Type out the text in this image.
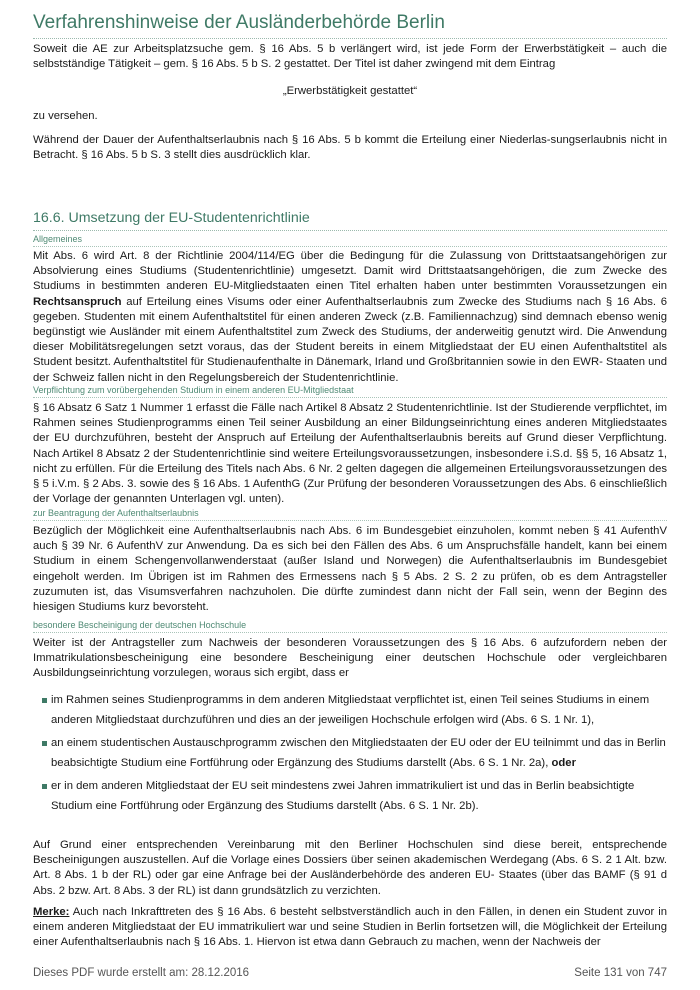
Verfahrenshinweise der Ausländerbehörde Berlin
Soweit die AE zur Arbeitsplatzsuche gem. § 16 Abs. 5 b verlängert wird, ist jede Form der Erwerbstätigkeit – auch die selbstständige Tätigkeit – gem. § 16 Abs. 5 b S. 2 gestattet. Der Titel ist daher zwingend mit dem Eintrag
„Erwerbstätigkeit gestattet“
zu versehen.
Während der Dauer der Aufenthaltserlaubnis nach § 16 Abs. 5 b kommt die Erteilung einer Niederlas-sungserlaubnis nicht in Betracht. § 16 Abs. 5 b S. 3 stellt dies ausdrücklich klar.
16.6. Umsetzung der EU-Studentenrichtlinie
Allgemeines
Mit Abs. 6 wird Art. 8 der Richtlinie 2004/114/EG über die Bedingung für die Zulassung von Drittstaatsangehörigen zur Absolvierung eines Studiums (Studentenrichtlinie) umgesetzt. Damit wird Drittstaatsangehörigen, die zum Zwecke des Studiums in bestimmten anderen EU-Mitgliedstaaten einen Titel erhalten haben unter bestimmten Voraussetzungen ein Rechtsanspruch auf Erteilung eines Visums oder einer Aufenthaltserlaubnis zum Zwecke des Studiums nach § 16 Abs. 6 gegeben. Studenten mit einem Aufenthaltstitel für einen anderen Zweck (z.B. Familiennachzug) sind demnach ebenso wenig begünstigt wie Ausländer mit einem Aufenthaltstitel zum Zweck des Studiums, der anderweitig genutzt wird. Die Anwendung dieser Mobilitätsregelungen setzt voraus, das der Student bereits in einem Mitgliedstaat der EU einen Aufenthaltstitel als Student besitzt. Aufenthaltstitel für Studienaufenthalte in Dänemark, Irland und Großbritannien sowie in den EWR- Staaten und der Schweiz fallen nicht in den Regelungsbereich der Studentenrichtlinie.
Verpflichtung zum vorübergehenden Studium in einem anderen EU-Mitgliedstaat
§ 16 Absatz 6 Satz 1 Nummer 1 erfasst die Fälle nach Artikel 8 Absatz 2 Studentenrichtlinie. Ist der Studierende verpflichtet, im Rahmen seines Studienprogramms einen Teil seiner Ausbildung an einer Bildungseinrichtung eines anderen Mitgliedstaates der EU durchzuführen, besteht der Anspruch auf Erteilung der Aufenthaltserlaubnis bereits auf Grund dieser Verpflichtung. Nach Artikel 8 Absatz 2 der Studentenrichtlinie sind weitere Erteilungsvoraussetzungen, insbesondere i.S.d. §§ 5, 16 Absatz 1, nicht zu erfüllen. Für die Erteilung des Titels nach Abs. 6 Nr. 2 gelten dagegen die allgemeinen Erteilungsvoraussetzungen des § 5 i.V.m. § 2 Abs. 3. sowie des § 16 Abs. 1 AufenthG (Zur Prüfung der besonderen Voraussetzungen des Abs. 6 einschließlich der Vorlage der genannten Unterlagen vgl. unten).
zur Beantragung der Aufenthaltserlaubnis
Bezüglich der Möglichkeit eine Aufenthaltserlaubnis nach Abs. 6 im Bundesgebiet einzuholen, kommt neben § 41 AufenthV auch § 39 Nr. 6 AufenthV zur Anwendung. Da es sich bei den Fällen des Abs. 6 um Anspruchsfälle handelt, kann bei einem Studium in einem Schengenvollanwenderstaat (außer Island und Norwegen) die Aufenthaltserlaubnis im Bundesgebiet eingeholt werden. Im Übrigen ist im Rahmen des Ermessens nach § 5 Abs. 2 S. 2 zu prüfen, ob es dem Antragsteller zuzumuten ist, das Visumsverfahren nachzuholen. Die dürfte zumindest dann nicht der Fall sein, wenn der Beginn des hiesigen Studiums kurz bevorsteht.
besondere Bescheinigung der deutschen Hochschule
Weiter ist der Antragsteller zum Nachweis der besonderen Voraussetzungen des § 16 Abs. 6 aufzufordern neben der Immatrikulationsbescheinigung eine besondere Bescheinigung einer deutschen Hochschule oder vergleichbaren Ausbildungseinrichtung vorzulegen, woraus sich ergibt, dass er
im Rahmen seines Studienprogramms in dem anderen Mitgliedstaat verpflichtet ist, einen Teil seines Studiums in einem anderen Mitgliedstaat durchzuführen und dies an der jeweiligen Hochschule erfolgen wird (Abs. 6 S. 1 Nr. 1),
an einem studentischen Austauschprogramm zwischen den Mitgliedstaaten der EU oder der EU teilnimmt und das in Berlin beabsichtigte Studium eine Fortführung oder Ergänzung des Studiums darstellt (Abs. 6 S. 1 Nr. 2a), oder
er in dem anderen Mitgliedstaat der EU seit mindestens zwei Jahren immatrikuliert ist und das in Berlin beabsichtigte Studium eine Fortführung oder Ergänzung des Studiums darstellt (Abs. 6 S. 1 Nr. 2b).
Auf Grund einer entsprechenden Vereinbarung mit den Berliner Hochschulen sind diese bereit, entsprechende Bescheinigungen auszustellen. Auf die Vorlage eines Dossiers über seinen akademischen Werdegang (Abs. 6 S. 2 1 Alt. bzw. Art. 8 Abs. 1 b der RL) oder gar eine Anfrage bei der Ausländerbehörde des anderen EU- Staates (über das BAMF (§ 91 d Abs. 2 bzw. Art. 8 Abs. 3 der RL) ist dann grundsätzlich zu verzichten.
Merke: Auch nach Inkrafttreten des § 16 Abs. 6 besteht selbstverständlich auch in den Fällen, in denen ein Student zuvor in einem anderen Mitgliedstaat der EU immatrikuliert war und seine Studien in Berlin fortsetzen will, die Möglichkeit der Erteilung einer Aufenthaltserlaubnis nach § 16 Abs. 1. Hiervon ist etwa dann Gebrauch zu machen, wenn der Nachweis der
Dieses PDF wurde erstellt am: 28.12.2016	Seite 131 von 747
